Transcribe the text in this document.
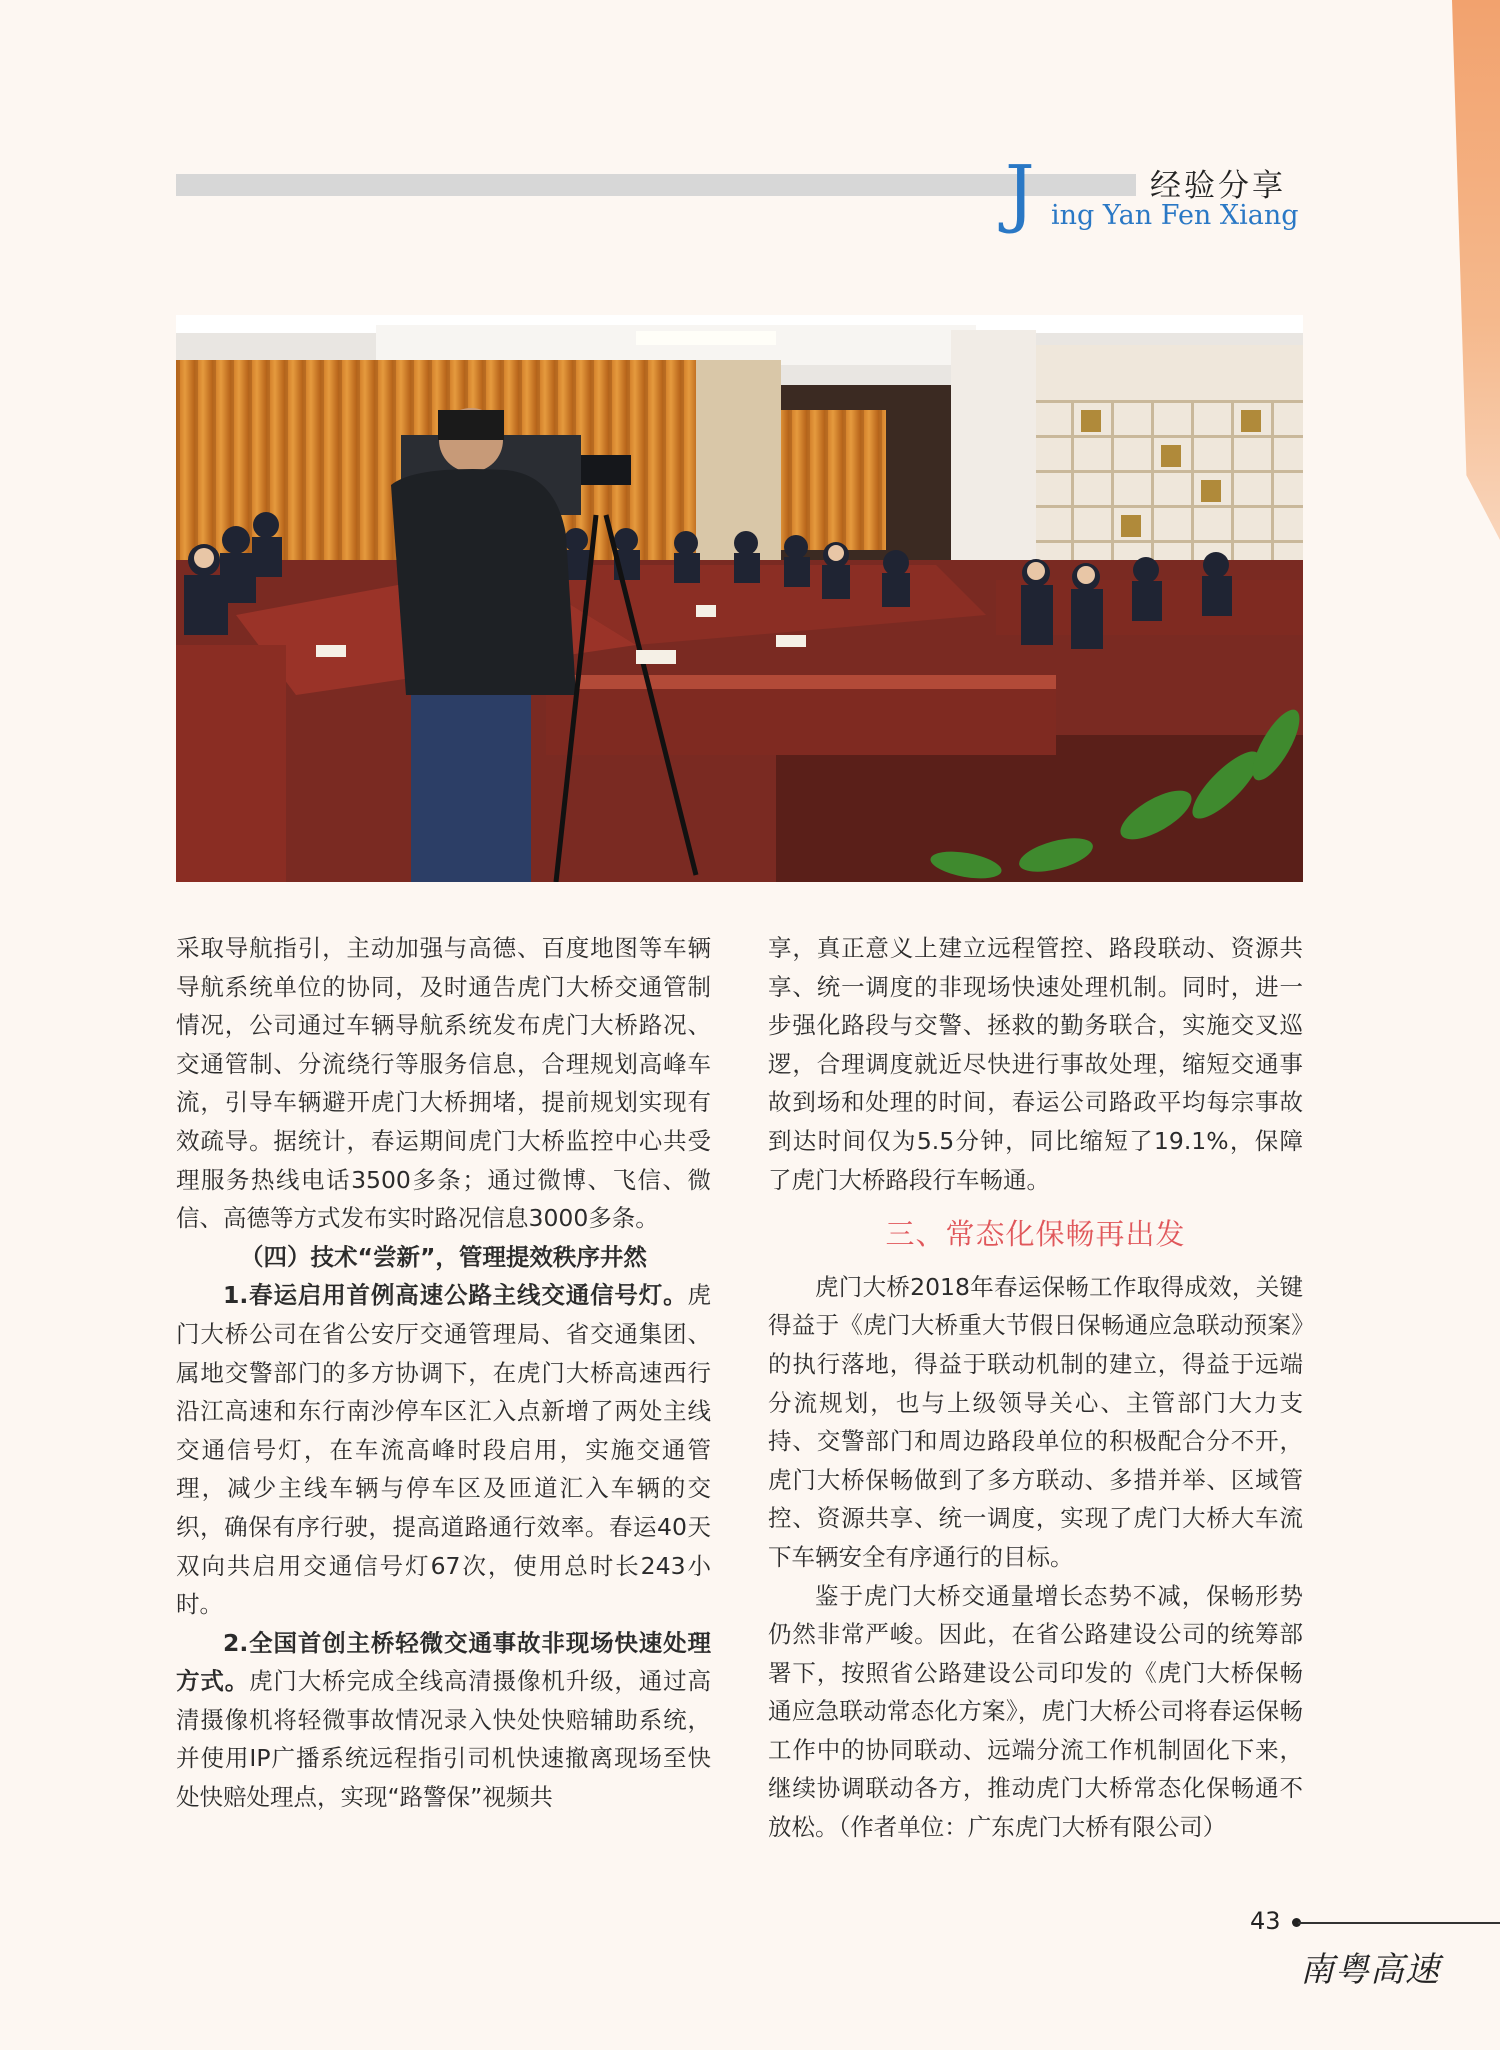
经验分享
J ing Yan Fen Xiang

采取导航指引，主动加强与高德、百度地图等车辆导航系统单位的协同，及时通告虎门大桥交通管制情况，公司通过车辆导航系统发布虎门大桥路况、交通管制、分流绕行等服务信息，合理规划高峰车流，引导车辆避开虎门大桥拥堵，提前规划实现有效疏导。据统计，春运期间虎门大桥监控中心共受理服务热线电话3500多条；通过微博、飞信、微信、高德等方式发布实时路况信息3000多条。

（四）技术“尝新”，管理提效秩序井然

1.春运启用首例高速公路主线交通信号灯。虎门大桥公司在省公安厅交通管理局、省交通集团、属地交警部门的多方协调下，在虎门大桥高速西行沿江高速和东行南沙停车区汇入点新增了两处主线交通信号灯，在车流高峰时段启用，实施交通管理，减少主线车辆与停车区及匝道汇入车辆的交织，确保有序行驶，提高道路通行效率。春运40天双向共启用交通信号灯67次，使用总时长243小时。

2.全国首创主桥轻微交通事故非现场快速处理方式。虎门大桥完成全线高清摄像机升级，通过高清摄像机将轻微事故情况录入快处快赔辅助系统，并使用IP广播系统远程指引司机快速撤离现场至快处快赔处理点，实现“路警保”视频共

享，真正意义上建立远程管控、路段联动、资源共享、统一调度的非现场快速处理机制。同时，进一步强化路段与交警、拯救的勤务联合，实施交叉巡逻，合理调度就近尽快进行事故处理，缩短交通事故到场和处理的时间，春运公司路政平均每宗事故到达时间仅为5.5分钟，同比缩短了19.1%，保障了虎门大桥路段行车畅通。

三、常态化保畅再出发

虎门大桥2018年春运保畅工作取得成效，关键得益于《虎门大桥重大节假日保畅通应急联动预案》的执行落地，得益于联动机制的建立，得益于远端分流规划，也与上级领导关心、主管部门大力支持、交警部门和周边路段单位的积极配合分不开，虎门大桥保畅做到了多方联动、多措并举、区域管控、资源共享、统一调度，实现了虎门大桥大车流下车辆安全有序通行的目标。

鉴于虎门大桥交通量增长态势不减，保畅形势仍然非常严峻。因此，在省公路建设公司的统筹部署下，按照省公路建设公司印发的《虎门大桥保畅通应急联动常态化方案》，虎门大桥公司将春运保畅工作中的协同联动、远端分流工作机制固化下来，继续协调联动各方，推动虎门大桥常态化保畅通不放松。（作者单位：广东虎门大桥有限公司）

43
南粤高速
